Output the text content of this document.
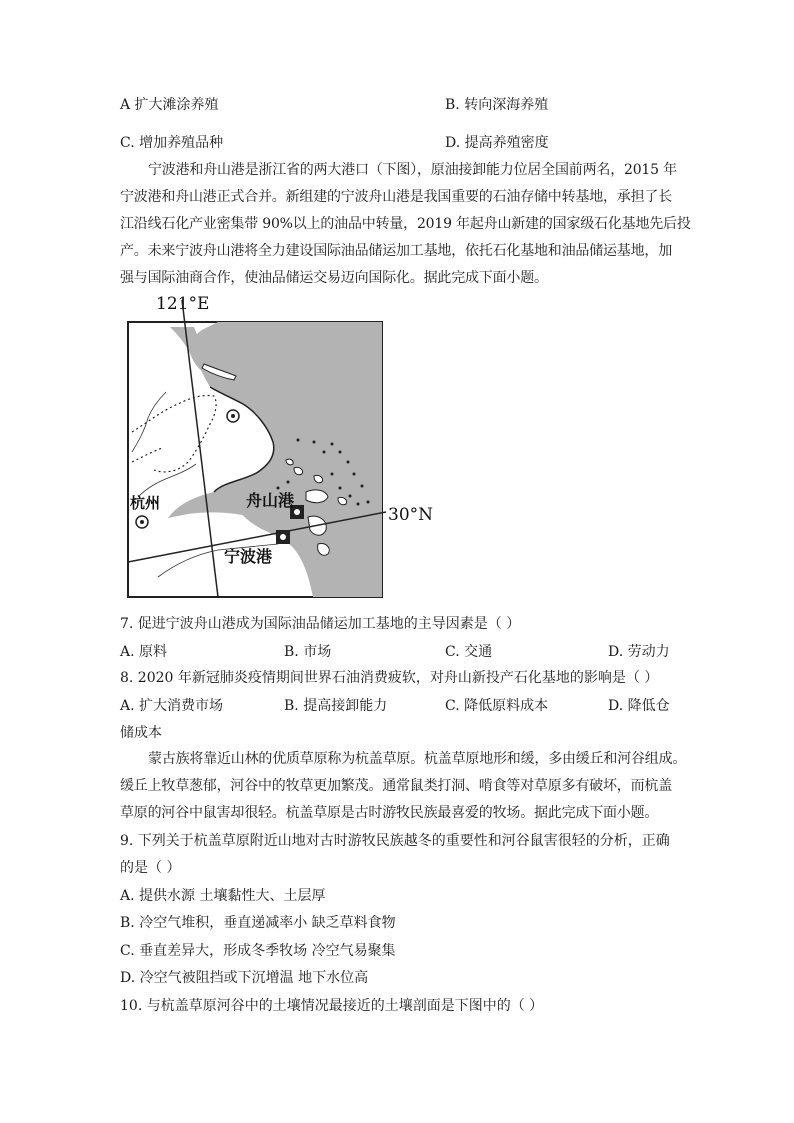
A 扩大滩涂养殖	B. 转向深海养殖
C. 增加养殖品种	D. 提高养殖密度
宁波港和舟山港是浙江省的两大港口（下图），原油接卸能力位居全国前两名，2015 年
宁波港和舟山港正式合并。新组建的宁波舟山港是我国重要的石油存储中转基地，承担了长
江沿线石化产业密集带 90%以上的油品中转量，2019 年起舟山新建的国家级石化基地先后投
产。未来宁波舟山港将全力建设国际油品储运加工基地，依托石化基地和油品储运基地，加
强与国际油商合作，使油品储运交易迈向国际化。据此完成下面小题。
121°E
30°N
杭州	舟山港
宁波港
7. 促进宁波舟山港成为国际油品储运加工基地的主导因素是（ ）
A. 原料	B. 市场	C. 交通	D. 劳动力
8. 2020 年新冠肺炎疫情期间世界石油消费疲软，对舟山新投产石化基地的影响是（ ）
A. 扩大消费市场	B. 提高接卸能力	C. 降低原料成本	D. 降低仓
储成本
蒙古族将靠近山林的优质草原称为杭盖草原。杭盖草原地形和缓，多由缓丘和河谷组成。
缓丘上牧草葱郁，河谷中的牧草更加繁茂。通常鼠类打洞、啃食等对草原多有破坏，而杭盖
草原的河谷中鼠害却很轻。杭盖草原是古时游牧民族最喜爱的牧场。据此完成下面小题。
9. 下列关于杭盖草原附近山地对古时游牧民族越冬的重要性和河谷鼠害很轻的分析，正确
的是（ ）
A. 提供水源 土壤黏性大、土层厚
B. 冷空气堆积，垂直递减率小 缺乏草料食物
C. 垂直差异大，形成冬季牧场 冷空气易聚集
D. 冷空气被阻挡或下沉增温 地下水位高
10. 与杭盖草原河谷中的土壤情况最接近的土壤剖面是下图中的（ ）
